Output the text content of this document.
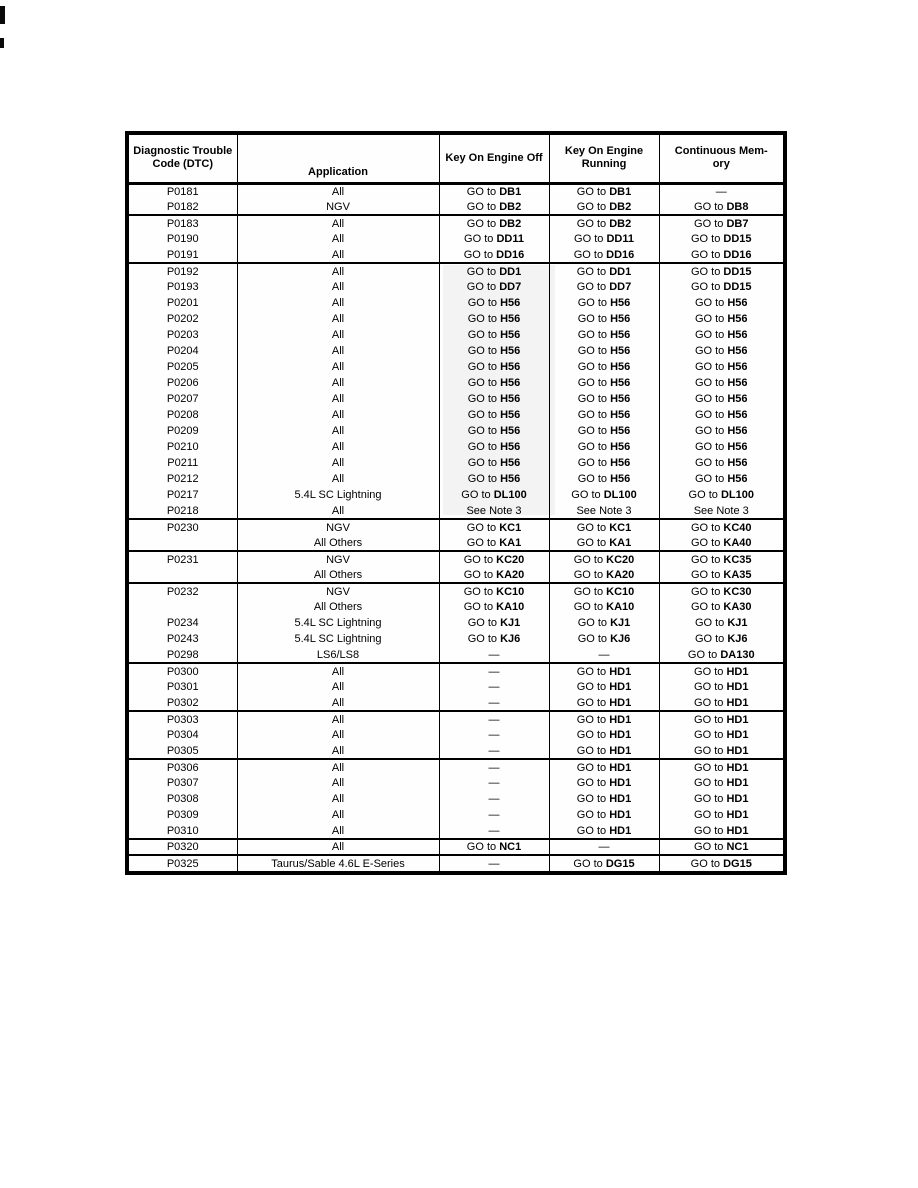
Diagnostic Trouble Code (DTC)	Application	Key On Engine Off	Key On Engine Running	Continuous Mem-ory
P0181	All	GO to DB1	GO to DB1	—
P0182	NGV	GO to DB2	GO to DB2	GO to DB8
P0183	All	GO to DB2	GO to DB2	GO to DB7
P0190	All	GO to DD11	GO to DD11	GO to DD15
P0191	All	GO to DD16	GO to DD16	GO to DD16
P0192	All	GO to DD1	GO to DD1	GO to DD15
P0193	All	GO to DD7	GO to DD7	GO to DD15
P0201	All	GO to H56	GO to H56	GO to H56
P0202	All	GO to H56	GO to H56	GO to H56
P0203	All	GO to H56	GO to H56	GO to H56
P0204	All	GO to H56	GO to H56	GO to H56
P0205	All	GO to H56	GO to H56	GO to H56
P0206	All	GO to H56	GO to H56	GO to H56
P0207	All	GO to H56	GO to H56	GO to H56
P0208	All	GO to H56	GO to H56	GO to H56
P0209	All	GO to H56	GO to H56	GO to H56
P0210	All	GO to H56	GO to H56	GO to H56
P0211	All	GO to H56	GO to H56	GO to H56
P0212	All	GO to H56	GO to H56	GO to H56
P0217	5.4L SC Lightning	GO to DL100	GO to DL100	GO to DL100
P0218	All	See Note 3	See Note 3	See Note 3
P0230	NGV	GO to KC1	GO to KC1	GO to KC40
	All Others	GO to KA1	GO to KA1	GO to KA40
P0231	NGV	GO to KC20	GO to KC20	GO to KC35
	All Others	GO to KA20	GO to KA20	GO to KA35
P0232	NGV	GO to KC10	GO to KC10	GO to KC30
	All Others	GO to KA10	GO to KA10	GO to KA30
P0234	5.4L SC Lightning	GO to KJ1	GO to KJ1	GO to KJ1
P0243	5.4L SC Lightning	GO to KJ6	GO to KJ6	GO to KJ6
P0298	LS6/LS8	—	—	GO to DA130
P0300	All	—	GO to HD1	GO to HD1
P0301	All	—	GO to HD1	GO to HD1
P0302	All	—	GO to HD1	GO to HD1
P0303	All	—	GO to HD1	GO to HD1
P0304	All	—	GO to HD1	GO to HD1
P0305	All	—	GO to HD1	GO to HD1
P0306	All	—	GO to HD1	GO to HD1
P0307	All	—	GO to HD1	GO to HD1
P0308	All	—	GO to HD1	GO to HD1
P0309	All	—	GO to HD1	GO to HD1
P0310	All	—	GO to HD1	GO to HD1
P0320	All	GO to NC1	—	GO to NC1
P0325	Taurus/Sable 4.6L E-Series	—	GO to DG15	GO to DG15
